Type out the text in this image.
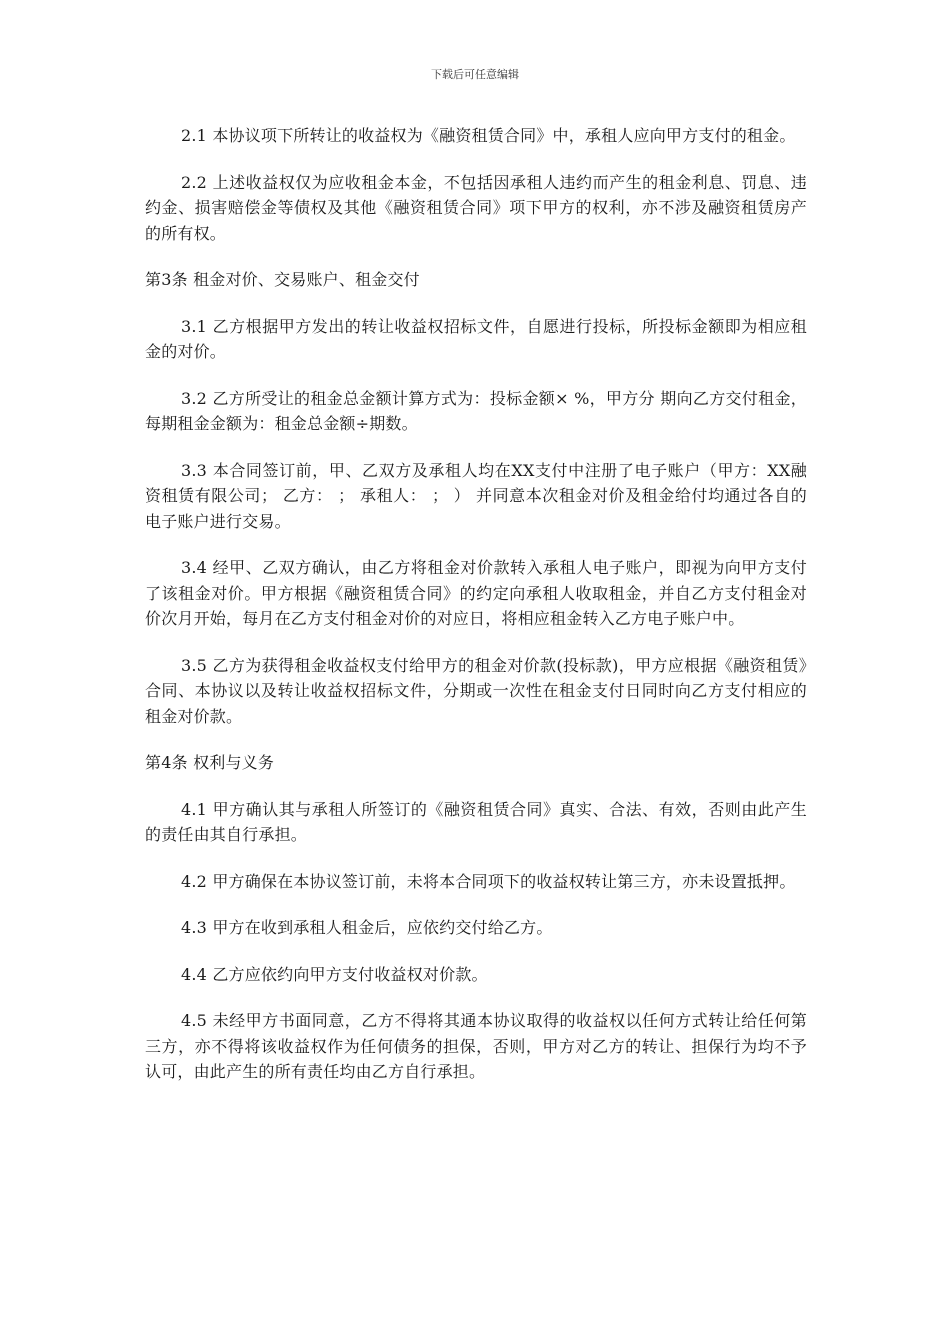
下载后可任意编辑

2.1 本协议项下所转让的收益权为《融资租赁合同》中，承租人应向甲方支付的租金。

2.2 上述收益权仅为应收租金本金，不包括因承租人违约而产生的租金利息、罚息、违约金、损害赔偿金等债权及其他《融资租赁合同》项下甲方的权利，亦不涉及融资租赁房产的所有权。

第3条 租金对价、交易账户、租金交付

3.1 乙方根据甲方发出的转让收益权招标文件，自愿进行投标，所投标金额即为相应租金的对价。

3.2 乙方所受让的租金总金额计算方式为：投标金额× %，甲方分 期向乙方交付租金，每期租金金额为：租金总金额÷期数。

3.3 本合同签订前，甲、乙双方及承租人均在XX支付中注册了电子账户（甲方：XX融资租赁有限公司； 乙方： ； 承租人： ； ） 并同意本次租金对价及租金给付均通过各自的电子账户进行交易。

3.4 经甲、乙双方确认，由乙方将租金对价款转入承租人电子账户，即视为向甲方支付了该租金对价。甲方根据《融资租赁合同》的约定向承租人收取租金，并自乙方支付租金对价次月开始，每月在乙方支付租金对价的对应日，将相应租金转入乙方电子账户中。

3.5 乙方为获得租金收益权支付给甲方的租金对价款(投标款)，甲方应根据《融资租赁》合同、本协议以及转让收益权招标文件，分期或一次性在租金支付日同时向乙方支付相应的租金对价款。

第4条 权利与义务

4.1 甲方确认其与承租人所签订的《融资租赁合同》真实、合法、有效，否则由此产生的责任由其自行承担。

4.2 甲方确保在本协议签订前，未将本合同项下的收益权转让第三方，亦未设置抵押。

4.3 甲方在收到承租人租金后，应依约交付给乙方。

4.4 乙方应依约向甲方支付收益权对价款。

4.5 未经甲方书面同意，乙方不得将其通本协议取得的收益权以任何方式转让给任何第三方，亦不得将该收益权作为任何债务的担保，否则，甲方对乙方的转让、担保行为均不予认可，由此产生的所有责任均由乙方自行承担。
